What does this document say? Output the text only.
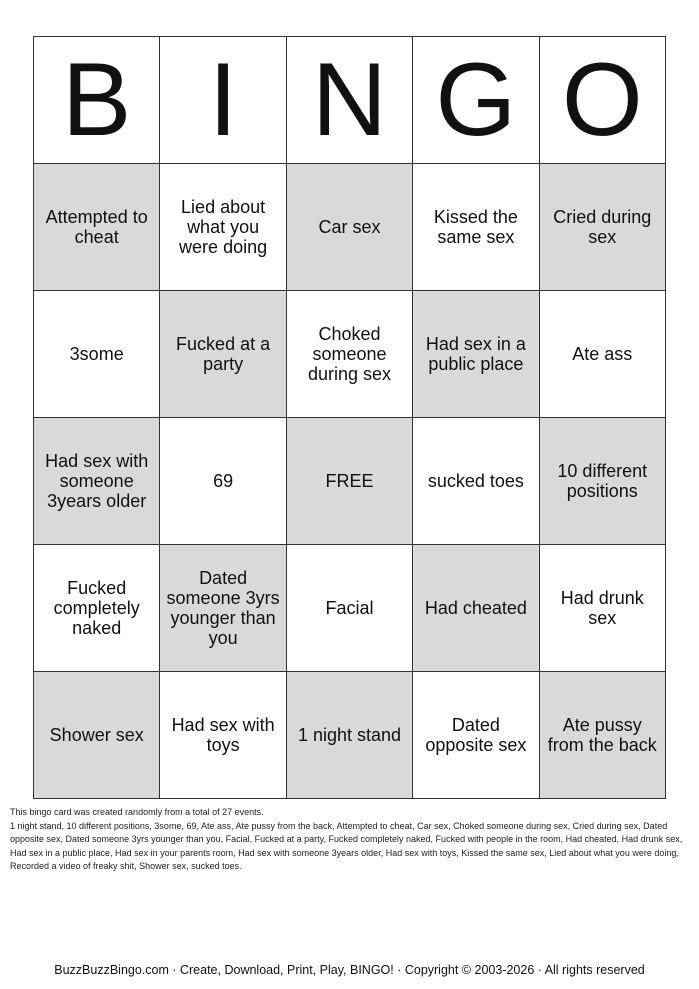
B	I	N	G	O
Attempted to cheat	Lied about what you were doing	Car sex	Kissed the same sex	Cried during sex
3some	Fucked at a party	Choked someone during sex	Had sex in a public place	Ate ass
Had sex with someone 3years older	69	FREE	sucked toes	10 different positions
Fucked completely naked	Dated someone 3yrs younger than you	Facial	Had cheated	Had drunk sex
Shower sex	Had sex with toys	1 night stand	Dated opposite sex	Ate pussy from the back

This bingo card was created randomly from a total of 27 events.

1 night stand, 10 different positions, 3some, 69, Ate ass, Ate pussy from the back, Attempted to cheat, Car sex, Choked someone during sex, Cried during sex, Dated opposite sex, Dated someone 3yrs younger than you, Facial, Fucked at a party, Fucked completely naked, Fucked with people in the room, Had cheated, Had drunk sex, Had sex in a public place, Had sex in your parents room, Had sex with someone 3years older, Had sex with toys, Kissed the same sex, Lied about what you were doing, Recorded a video of freaky shit, Shower sex, sucked toes.

BuzzBuzzBingo.com · Create, Download, Print, Play, BINGO! · Copyright © 2003-2026 · All rights reserved
